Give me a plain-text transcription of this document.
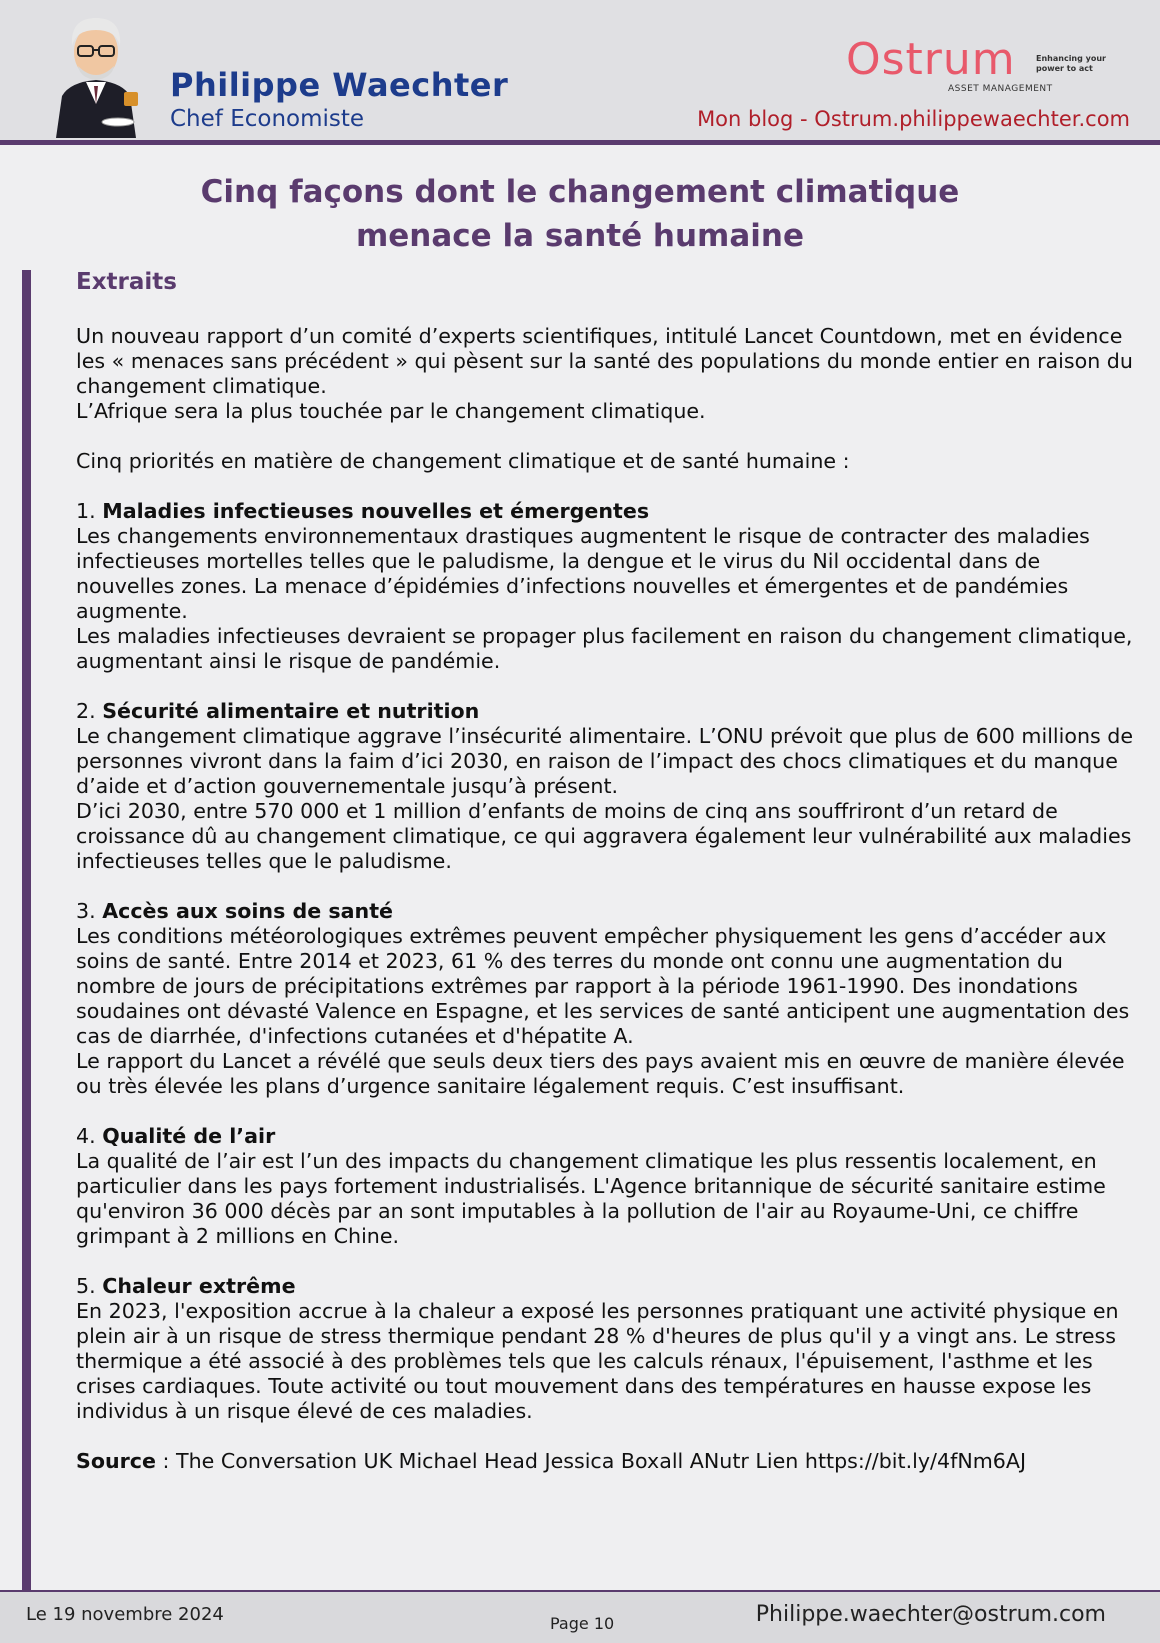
Philippe Waechter
Chef Economiste
Ostrum
ASSET MANAGEMENT
Enhancing your power to act
Mon blog - Ostrum.philippewaechter.com
Cinq façons dont le changement climatique
menace la santé humaine
Extraits

Un nouveau rapport d’un comité d’experts scientifiques, intitulé Lancet Countdown, met en évidence les « menaces sans précédent » qui pèsent sur la santé des populations du monde entier en raison du changement climatique.
L’Afrique sera la plus touchée par le changement climatique.

Cinq priorités en matière de changement climatique et de santé humaine :

1. Maladies infectieuses nouvelles et émergentes
Les changements environnementaux drastiques augmentent le risque de contracter des maladies infectieuses mortelles telles que le paludisme, la dengue et le virus du Nil occidental dans de nouvelles zones. La menace d’épidémies d’infections nouvelles et émergentes et de pandémies augmente.
Les maladies infectieuses devraient se propager plus facilement en raison du changement climatique, augmentant ainsi le risque de pandémie.

2. Sécurité alimentaire et nutrition
Le changement climatique aggrave l’insécurité alimentaire. L’ONU prévoit que plus de 600 millions de personnes vivront dans la faim d’ici 2030, en raison de l’impact des chocs climatiques et du manque d’aide et d’action gouvernementale jusqu’à présent.
D’ici 2030, entre 570 000 et 1 million d’enfants de moins de cinq ans souffriront d’un retard de croissance dû au changement climatique, ce qui aggravera également leur vulnérabilité aux maladies infectieuses telles que le paludisme.

3. Accès aux soins de santé
Les conditions météorologiques extrêmes peuvent empêcher physiquement les gens d’accéder aux soins de santé. Entre 2014 et 2023, 61 % des terres du monde ont connu une augmentation du nombre de jours de précipitations extrêmes par rapport à la période 1961-1990. Des inondations soudaines ont dévasté Valence en Espagne, et les services de santé anticipent une augmentation des cas de diarrhée, d'infections cutanées et d'hépatite A.
Le rapport du Lancet a révélé que seuls deux tiers des pays avaient mis en œuvre de manière élevée ou très élevée les plans d’urgence sanitaire légalement requis. C’est insuffisant.

4. Qualité de l’air
La qualité de l’air est l’un des impacts du changement climatique les plus ressentis localement, en particulier dans les pays fortement industrialisés. L'Agence britannique de sécurité sanitaire estime qu'environ 36 000 décès par an sont imputables à la pollution de l'air au Royaume-Uni, ce chiffre grimpant à 2 millions en Chine.

5. Chaleur extrême
En 2023, l'exposition accrue à la chaleur a exposé les personnes pratiquant une activité physique en plein air à un risque de stress thermique pendant 28 % d'heures de plus qu'il y a vingt ans. Le stress thermique a été associé à des problèmes tels que les calculs rénaux, l'épuisement, l'asthme et les crises cardiaques. Toute activité ou tout mouvement dans des températures en hausse expose les individus à un risque élevé de ces maladies.

Source : The Conversation UK Michael Head Jessica Boxall ANutr Lien https://bit.ly/4fNm6AJ

Le 19 novembre 2024	Page 10	Philippe.waechter@ostrum.com
